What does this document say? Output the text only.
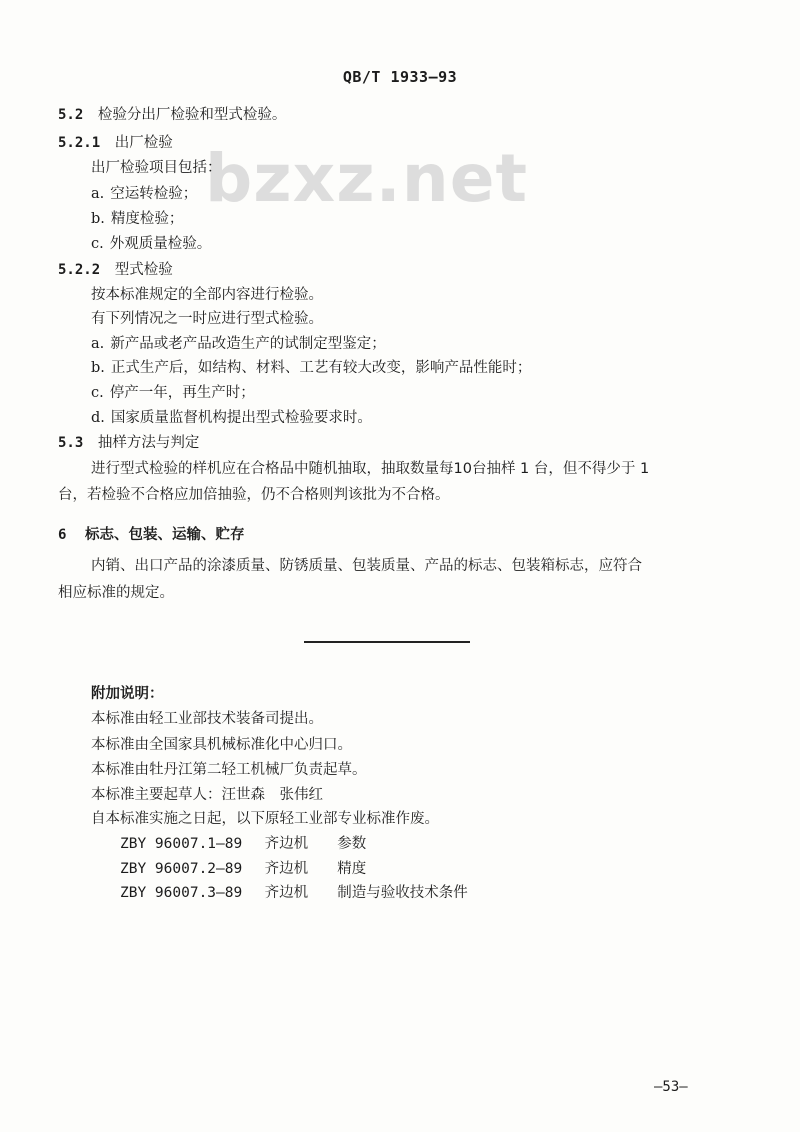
QB/T 1933—93
bzxz.net
5.2 检验分出厂检验和型式检验。
5.2.1 出厂检验
出厂检验项目包括：
a. 空运转检验；
b. 精度检验；
c. 外观质量检验。
5.2.2 型式检验
按本标准规定的全部内容进行检验。
有下列情况之一时应进行型式检验。
a. 新产品或老产品改造生产的试制定型鉴定；
b. 正式生产后，如结构、材料、工艺有较大改变，影响产品性能时；
c. 停产一年，再生产时；
d. 国家质量监督机构提出型式检验要求时。
5.3 抽样方法与判定
进行型式检验的样机应在合格品中随机抽取，抽取数量每10台抽样 1 台，但不得少于 1
台，若检验不合格应加倍抽验，仍不合格则判该批为不合格。
6 标志、包装、运输、贮存
内销、出口产品的涂漆质量、防锈质量、包装质量、产品的标志、包装箱标志，应符合
相应标准的规定。
附加说明：
本标准由轻工业部技术装备司提出。
本标准由全国家具机械标准化中心归口。
本标准由牡丹江第二轻工机械厂负责起草。
本标准主要起草人：汪世森　张伟红
自本标准实施之日起，以下原轻工业部专业标准作废。
ZBY 96007.1—89 齐边机 参数
ZBY 96007.2—89 齐边机 精度
ZBY 96007.3—89 齐边机 制造与验收技术条件
—53—
